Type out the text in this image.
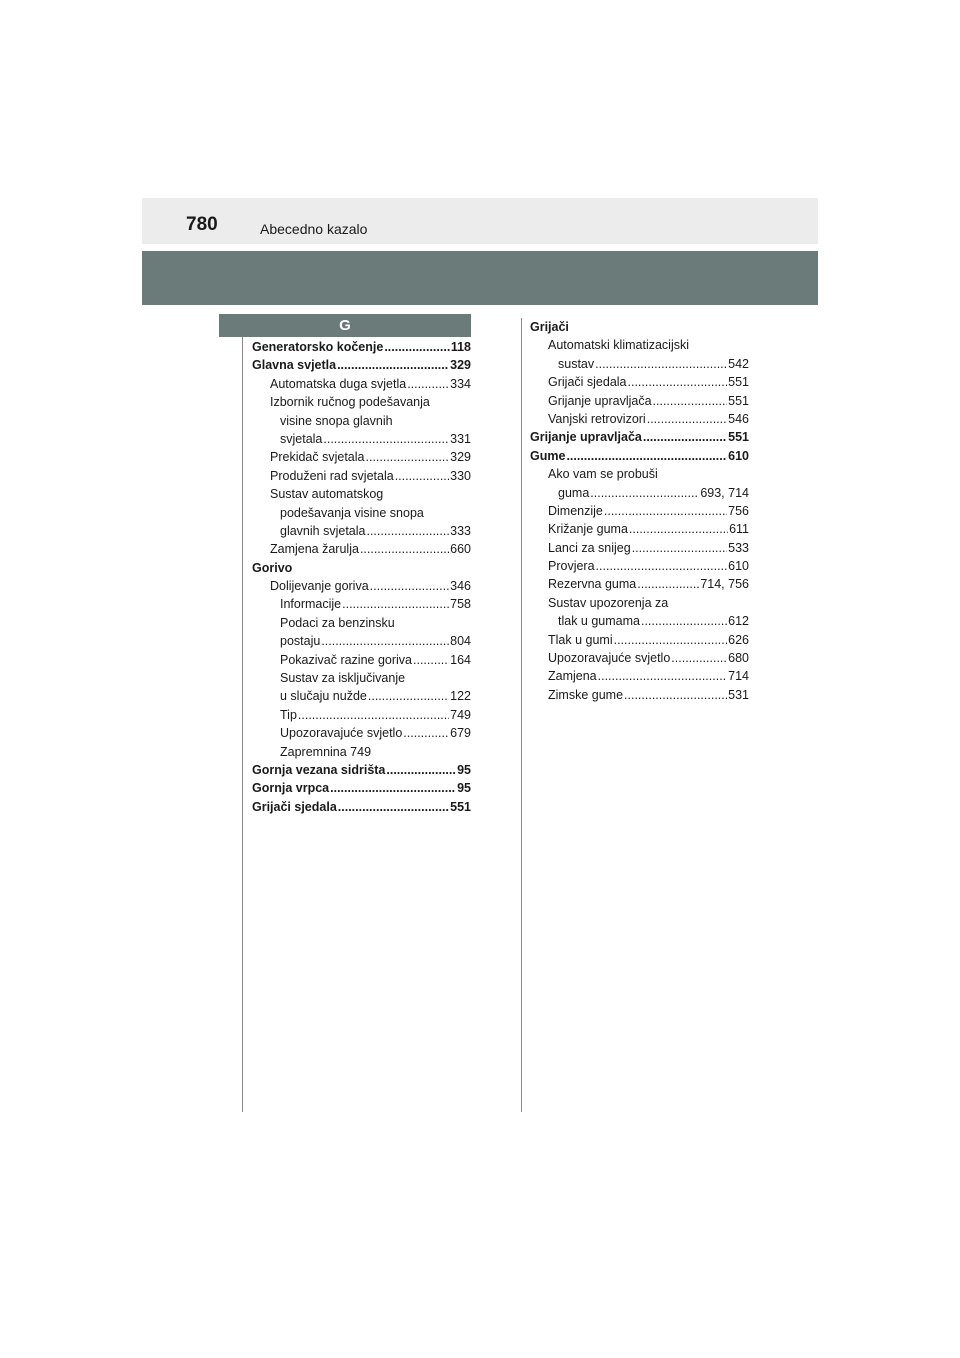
780	Abecedno kazalo
G
Generatorsko kočenje .....	118
Glavna svjetla .....	329
Automatska duga svjetla .....	334
Izbornik ručnog podešavanja
visine snopa glavnih
svjetala .....	331
Prekidač svjetala .....	329
Produženi rad svjetala .....	330
Sustav automatskog
podešavanja visine snopa
glavnih svjetala .....	333
Zamjena žarulja .....	660
Gorivo
Dolijevanje goriva .....	346
Informacije .....	758
Podaci za benzinsku
postaju .....	804
Pokazivač razine goriva .....	164
Sustav za isključivanje
u slučaju nužde .....	122
Tip .....	749
Upozoravajuće svjetlo .....	679
Zapremnina 749
Gornja vezana sidrišta .....	95
Gornja vrpca .....	95
Grijači sjedala .....	551
Grijači
Automatski klimatizacijski
sustav .....	542
Grijači sjedala .....	551
Grijanje upravljača .....	551
Vanjski retrovizori .....	546
Grijanje upravljača .....	551
Gume .....	610
Ako vam se probuši
guma .....	693, 714
Dimenzije .....	756
Križanje guma .....	611
Lanci za snijeg .....	533
Provjera .....	610
Rezervna guma .....	714, 756
Sustav upozorenja za
tlak u gumama .....	612
Tlak u gumi .....	626
Upozoravajuće svjetlo .....	680
Zamjena .....	714
Zimske gume .....	531
